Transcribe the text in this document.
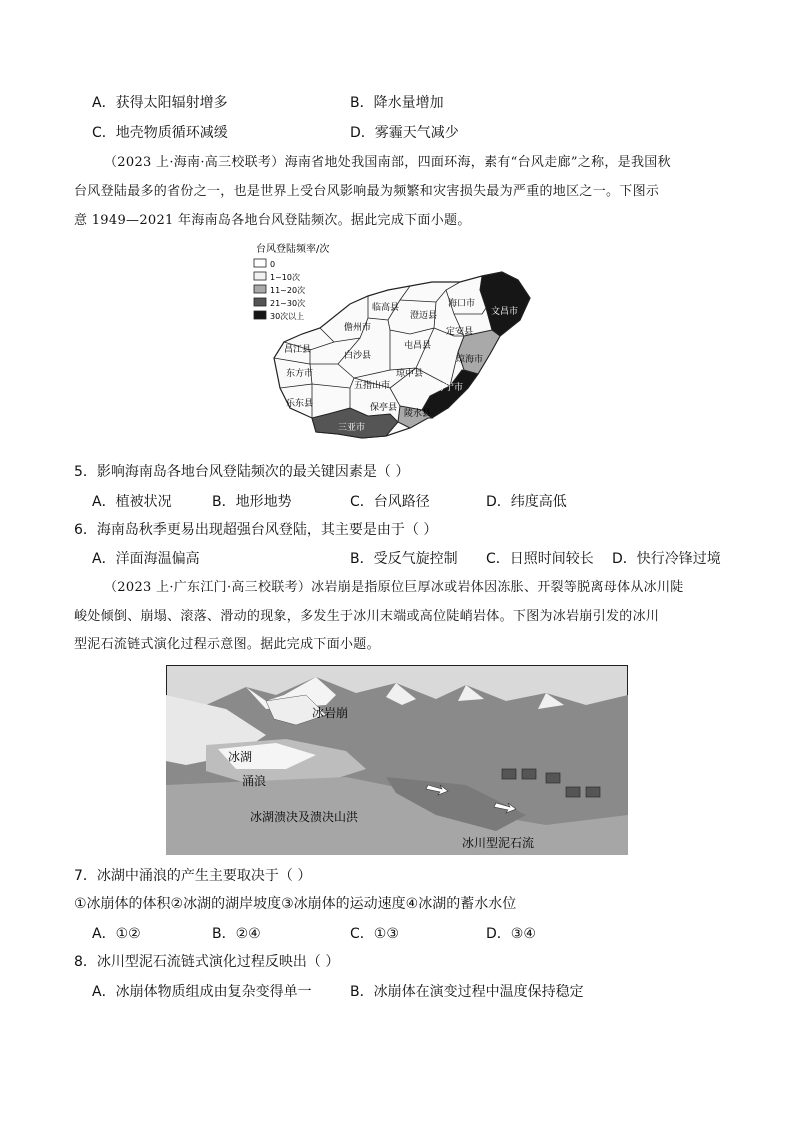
A．获得太阳辐射增多	B．降水量增加
C．地壳物质循环减缓	D．雾霾天气减少
（2023 上·海南·高三校联考）海南省地处我国南部，四面环海，素有“台风走廊”之称，是我国秋
台风登陆最多的省份之一，也是世界上受台风影响最为频繁和灾害损失最为严重的地区之一。下图示
意 1949—2021 年海南岛各地台风登陆频次。据此完成下面小题。
台风登陆频率/次
0
1~10次
11~20次
21~30次
30次以上
临高县	海口市
文昌市
澄迈县
儋州市	定安县
屯昌县
昌江县
白沙县	琼海市
东方市	琼中县
五指山市	万宁市
乐东县	保亭县
陵水县
三亚市
5．影响海南岛各地台风登陆频次的最关键因素是（ ）
A．植被状况	B．地形地势	C．台风路径	D．纬度高低
6．海南岛秋季更易出现超强台风登陆，其主要是由于（ ）
A．洋面海温偏高	B．受反气旋控制 C．日照时间较长 D．快行冷锋过境
（2023 上·广东江门·高三校联考）冰岩崩是指原位巨厚冰或岩体因冻胀、开裂等脱离母体从冰川陡
峻处倾倒、崩塌、滚落、滑动的现象，多发生于冰川末端或高位陡峭岩体。下图为冰岩崩引发的冰川
型泥石流链式演化过程示意图。据此完成下面小题。
冰岩崩
冰湖
涌浪
冰湖溃决及溃决山洪
冰川型泥石流
7．冰湖中涌浪的产生主要取决于（ ）
①冰崩体的体积②冰湖的湖岸坡度③冰崩体的运动速度④冰湖的蓄水水位
A．①②	B．②④	C．①③	D．③④
8．冰川型泥石流链式演化过程反映出（ ）
A．冰崩体物质组成由复杂变得单一	B．冰崩体在演变过程中温度保持稳定
